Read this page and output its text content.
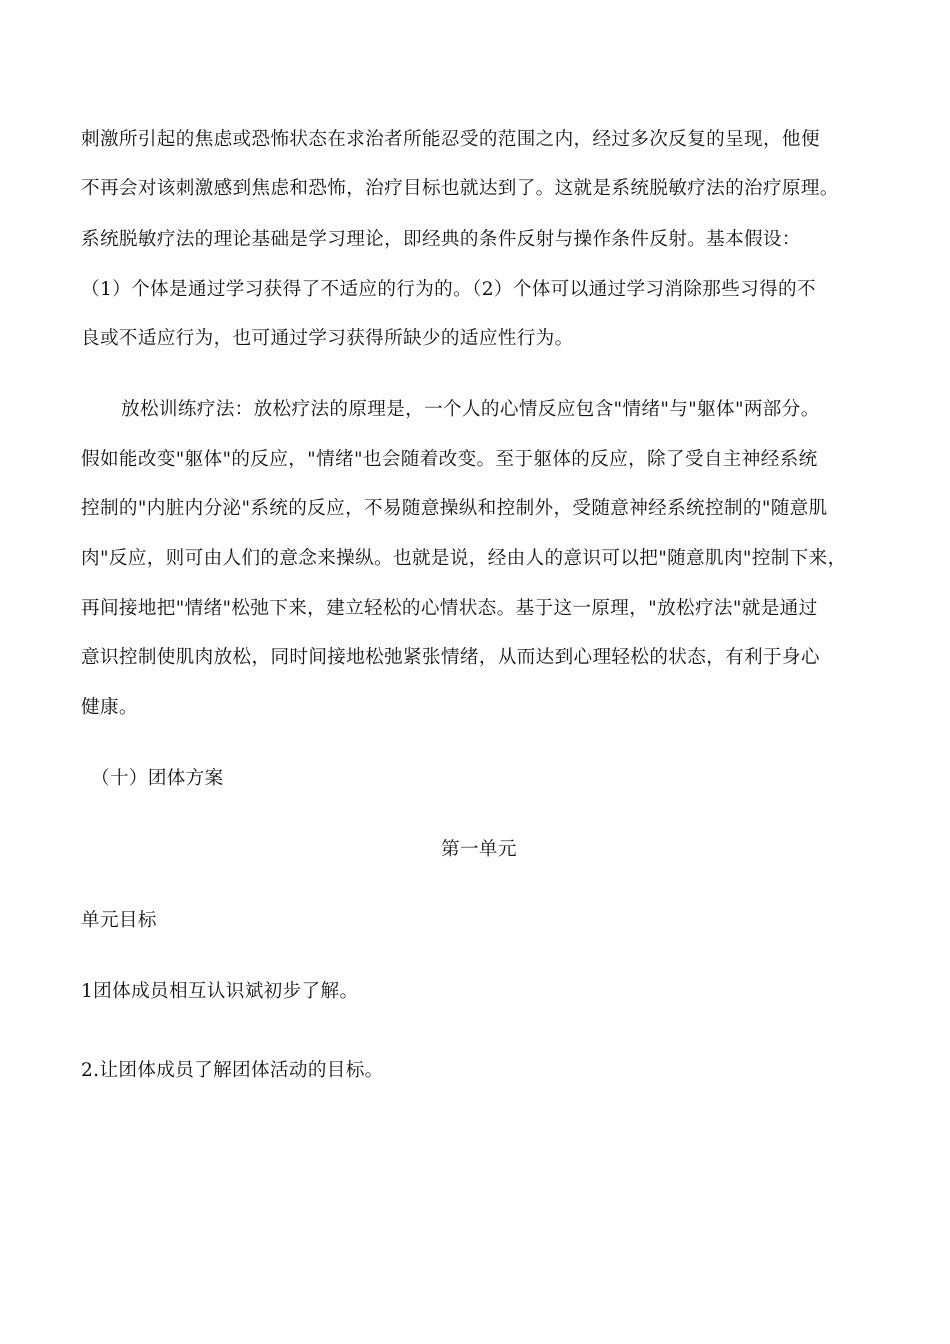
刺激所引起的焦虑或恐怖状态在求治者所能忍受的范围之内，经过多次反复的呈现，他便
不再会对该刺激感到焦虑和恐怖，治疗目标也就达到了。这就是系统脱敏疗法的治疗原理。
系统脱敏疗法的理论基础是学习理论，即经典的条件反射与操作条件反射。基本假设：
（1）个体是通过学习获得了不适应的行为的。（2）个体可以通过学习消除那些习得的不
良或不适应行为，也可通过学习获得所缺少的适应性行为。
放松训练疗法：放松疗法的原理是，一个人的心情反应包含"情绪"与"躯体"两部分。
假如能改变"躯体"的反应，"情绪"也会随着改变。至于躯体的反应，除了受自主神经系统
控制的"内脏内分泌"系统的反应，不易随意操纵和控制外，受随意神经系统控制的"随意肌
肉"反应，则可由人们的意念来操纵。也就是说，经由人的意识可以把"随意肌肉"控制下来，
再间接地把"情绪"松弛下来，建立轻松的心情状态。基于这一原理，"放松疗法"就是通过
意识控制使肌肉放松，同时间接地松弛紧张情绪，从而达到心理轻松的状态，有利于身心
健康。
（十）团体方案
第一单元
单元目标
1团体成员相互认识斌初步了解。
2.让团体成员了解团体活动的目标。
